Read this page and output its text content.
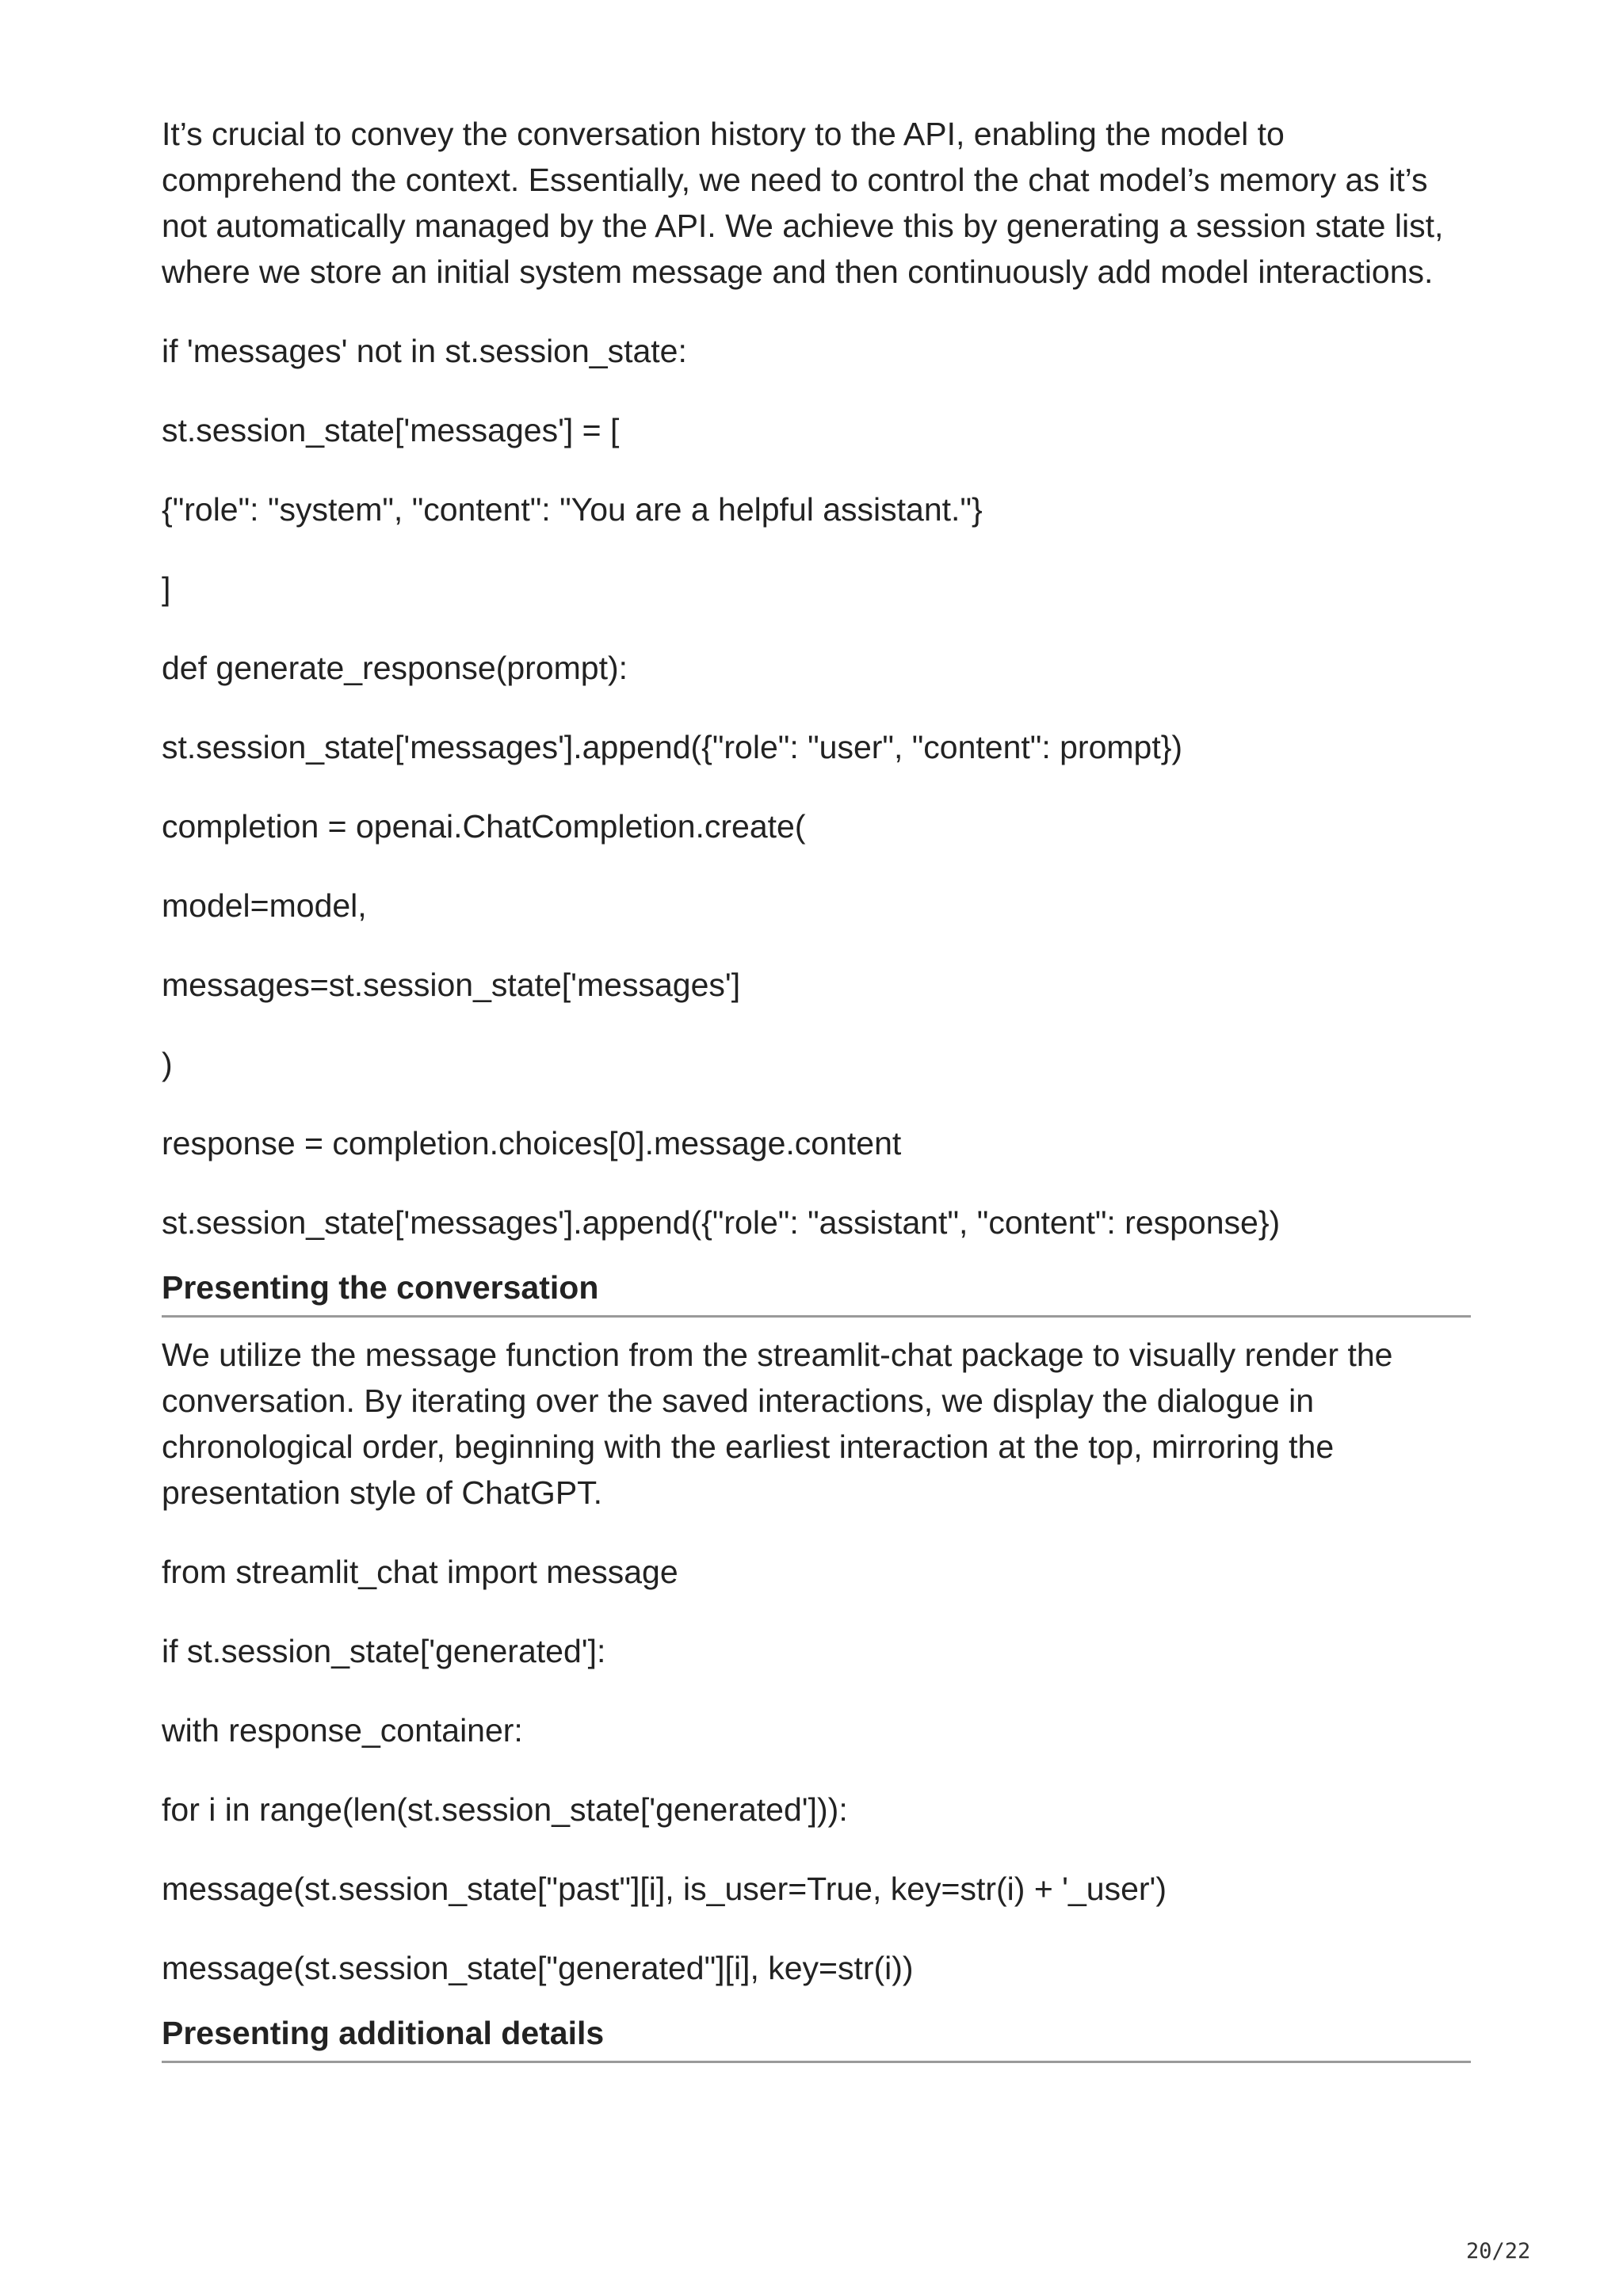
It’s crucial to convey the conversation history to the API, enabling the model to comprehend the context. Essentially, we need to control the chat model’s memory as it’s not automatically managed by the API. We achieve this by generating a session state list, where we store an initial system message and then continuously add model interactions.

if 'messages' not in st.session_state:
st.session_state['messages'] = [
{"role": "system", "content": "You are a helpful assistant."}
]
def generate_response(prompt):
st.session_state['messages'].append({"role": "user", "content": prompt})
completion = openai.ChatCompletion.create(
model=model,
messages=st.session_state['messages']
)
response = completion.choices[0].message.content
st.session_state['messages'].append({"role": "assistant", "content": response})
Presenting the conversation

We utilize the message function from the streamlit-chat package to visually render the conversation. By iterating over the saved interactions, we display the dialogue in chronological order, beginning with the earliest interaction at the top, mirroring the presentation style of ChatGPT.

from streamlit_chat import message
if st.session_state['generated']:
with response_container:
for i in range(len(st.session_state['generated'])):
message(st.session_state["past"][i], is_user=True, key=str(i) + '_user')
message(st.session_state["generated"][i], key=str(i))
Presenting additional details
20/22
